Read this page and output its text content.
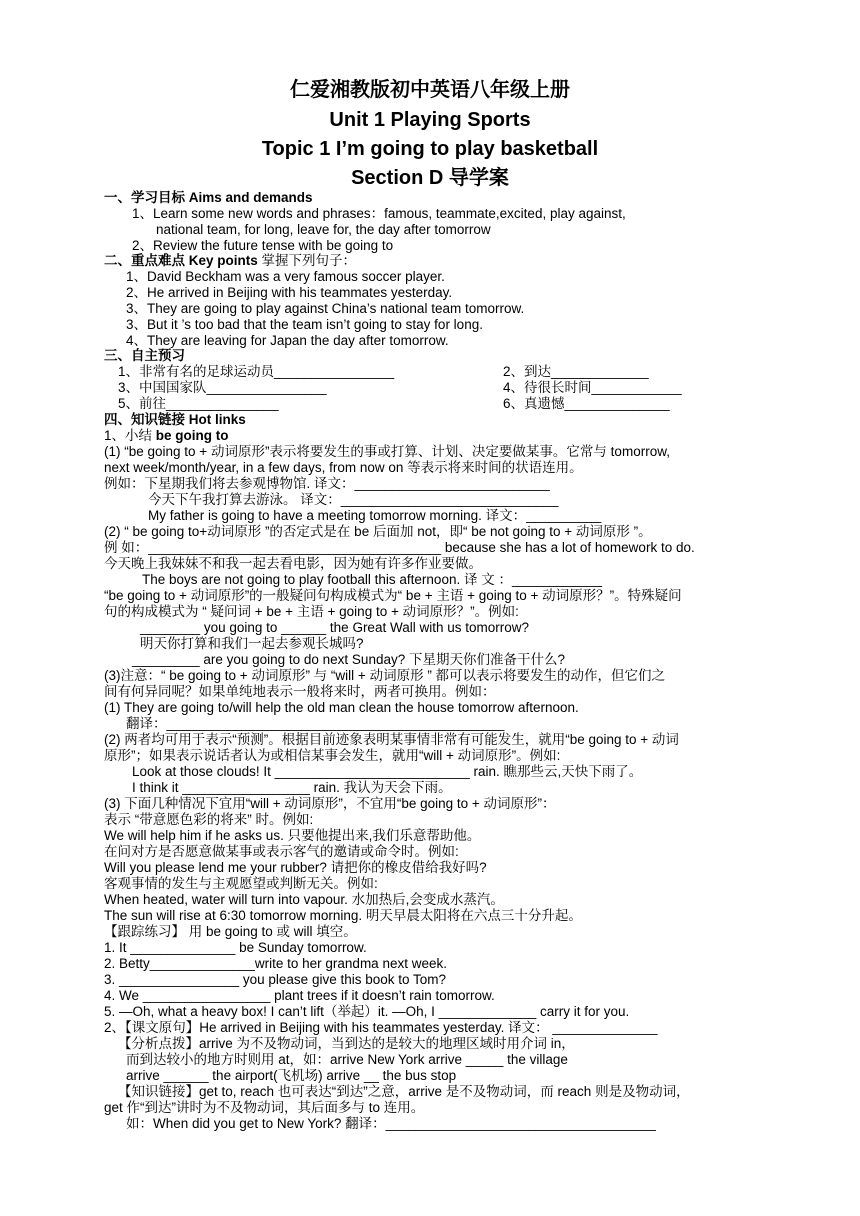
仁爱湘教版初中英语八年级上册
Unit 1 Playing Sports
Topic 1 I’m going to play basketball
Section D 导学案
一、学习目标 Aims and demands
1、Learn some new words and phrases：famous, teammate,excited, play against,
national team, for long, leave for, the day after tomorrow
2、Review the future tense with be going to
二、重点难点 Key points 掌握下列句子：
1、David Beckham was a very famous soccer player.
2、He arrived in Beijing with his teammates yesterday.
3、They are going to play against China’s national team tomorrow.
3、But it ’s too bad that the team isn’t going to stay for long.
4、They are leaving for Japan the day after tomorrow.
三、自主预习
1、非常有名的足球运动员________________	2、到达_____________
3、中国国家队________________	4、待很长时间____________
5、前往_______________	6、真遗憾______________
四、知识链接 Hot links
1、小结 be going to
(1) “be going to + 动词原形”表示将要发生的事或打算、计划、决定要做某事。它常与 tomorrow,
next week/month/year, in a few days, from now on 等表示将来时间的状语连用。
例如：下星期我们将去参观博物馆. 译文：__________________________
今天下午我打算去游泳。 译文：_____________________________
My father is going to have a meeting tomorrow morning. 译文：__________
(2) “ be going to+动词原形 ”的否定式是在 be 后面加 not，即“ be not going to + 动词原形 ”。
例 如：_______________________________________ because she has a lot of homework to do.
今天晚上我妹妹不和我一起去看电影，因为她有许多作业要做。
The boys are not going to play football this afternoon. 译 文 ：____________
“be going to + 动词原形”的一般疑问句构成模式为“ be + 主语 + going to + 动词原形？”。特殊疑问
句的构成模式为 “ 疑问词 + be + 主语 + going to + 动词原形？”。例如:
________ you going to ______ the Great Wall with us tomorrow?
明天你打算和我们一起去参观长城吗?
_________ are you going to do next Sunday? 下星期天你们准备干什么?
(3)注意：“ be going to + 动词原形” 与 “will + 动词原形 ” 都可以表示将要发生的动作，但它们之
间有何异同呢？如果单纯地表示一般将来时，两者可换用。例如：
(1) They are going to/will help the old man clean the house tomorrow afternoon.
翻译：_____________________________________________
(2) 两者均可用于表示“预测”。根据目前迹象表明某事情非常有可能发生，就用“be going to + 动词
原形”；如果表示说话者认为或相信某事会发生，就用“will + 动词原形”。例如:
Look at those clouds! It __________________________ rain. 瞧那些云,天快下雨了。
I think it _________________ rain. 我认为天会下雨。
(3) 下面几种情况下宜用“will + 动词原形”，不宜用“be going to + 动词原形”：
表示 “带意愿色彩的将来” 时。例如:
We will help him if he asks us. 只要他提出来,我们乐意帮助他。
在问对方是否愿意做某事或表示客气的邀请或命令时。例如:
Will you please lend me your rubber? 请把你的橡皮借给我好吗?
客观事情的发生与主观愿望或判断无关。例如:
When heated, water will turn into vapour. 水加热后,会变成水蒸汽。
The sun will rise at 6:30 tomorrow morning. 明天早晨太阳将在六点三十分升起。
【跟踪练习】 用 be going to 或 will 填空。
1. It ______________ be Sunday tomorrow.
2. Betty______________write to her grandma next week.
3. ________________ you please give this book to Tom?
4. We _________________ plant trees if it doesn’t rain tomorrow.
5. —Oh, what a heavy box! I can’t lift（举起）it. —Oh, I _____________ carry it for you.
2、【课文原句】He arrived in Beijing with his teammates yesterday. 译文： ______________
【分析点拨】arrive 为不及物动词，当到达的是较大的地理区域时用介词 in，
而到达较小的地方时则用 at，如：arrive New York arrive _____ the village
arrive ______ the airport(飞机场) arrive __ the bus stop
【知识链接】get to, reach 也可表达“到达”之意，arrive 是不及物动词，而 reach 则是及物动词，
get 作“到达”讲时为不及物动词，其后面多与 to 连用。
如：When did you get to New York? 翻译：____________________________________
